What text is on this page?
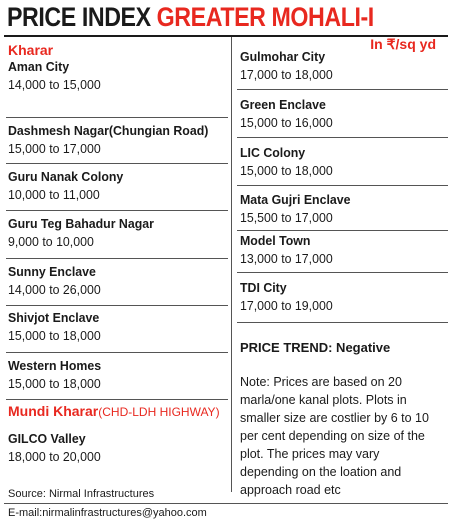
PRICE INDEX GREATER MOHALI-I
In ₹/sq yd
Kharar
Aman City
14,000 to 15,000
Dashmesh Nagar(Chungian Road)
15,000 to 17,000
Guru Nanak Colony
10,000 to 11,000
Guru Teg Bahadur Nagar
9,000 to 10,000
Sunny Enclave
14,000 to 26,000
Shivjot Enclave
15,000 to 18,000
Western Homes
15,000 to 18,000
Mundi Kharar(CHD-LDH HIGHWAY)
GILCO Valley
18,000 to 20,000
Gulmohar City
17,000 to 18,000
Green Enclave
15,000 to 16,000
LIC Colony
15,000 to 18,000
Mata Gujri Enclave
15,500 to 17,000
Model Town
13,000 to 17,000
TDI City
17,000 to 19,000
PRICE TREND: Negative
Note: Prices are based on 20 marla/one kanal plots. Plots in smaller size are costlier by 6 to 10 per cent depending on size of the plot. The prices may vary depending on the loation and approach road etc
Source: Nirmal Infrastructures
E-mail:nirmalinfrastructures@yahoo.com
